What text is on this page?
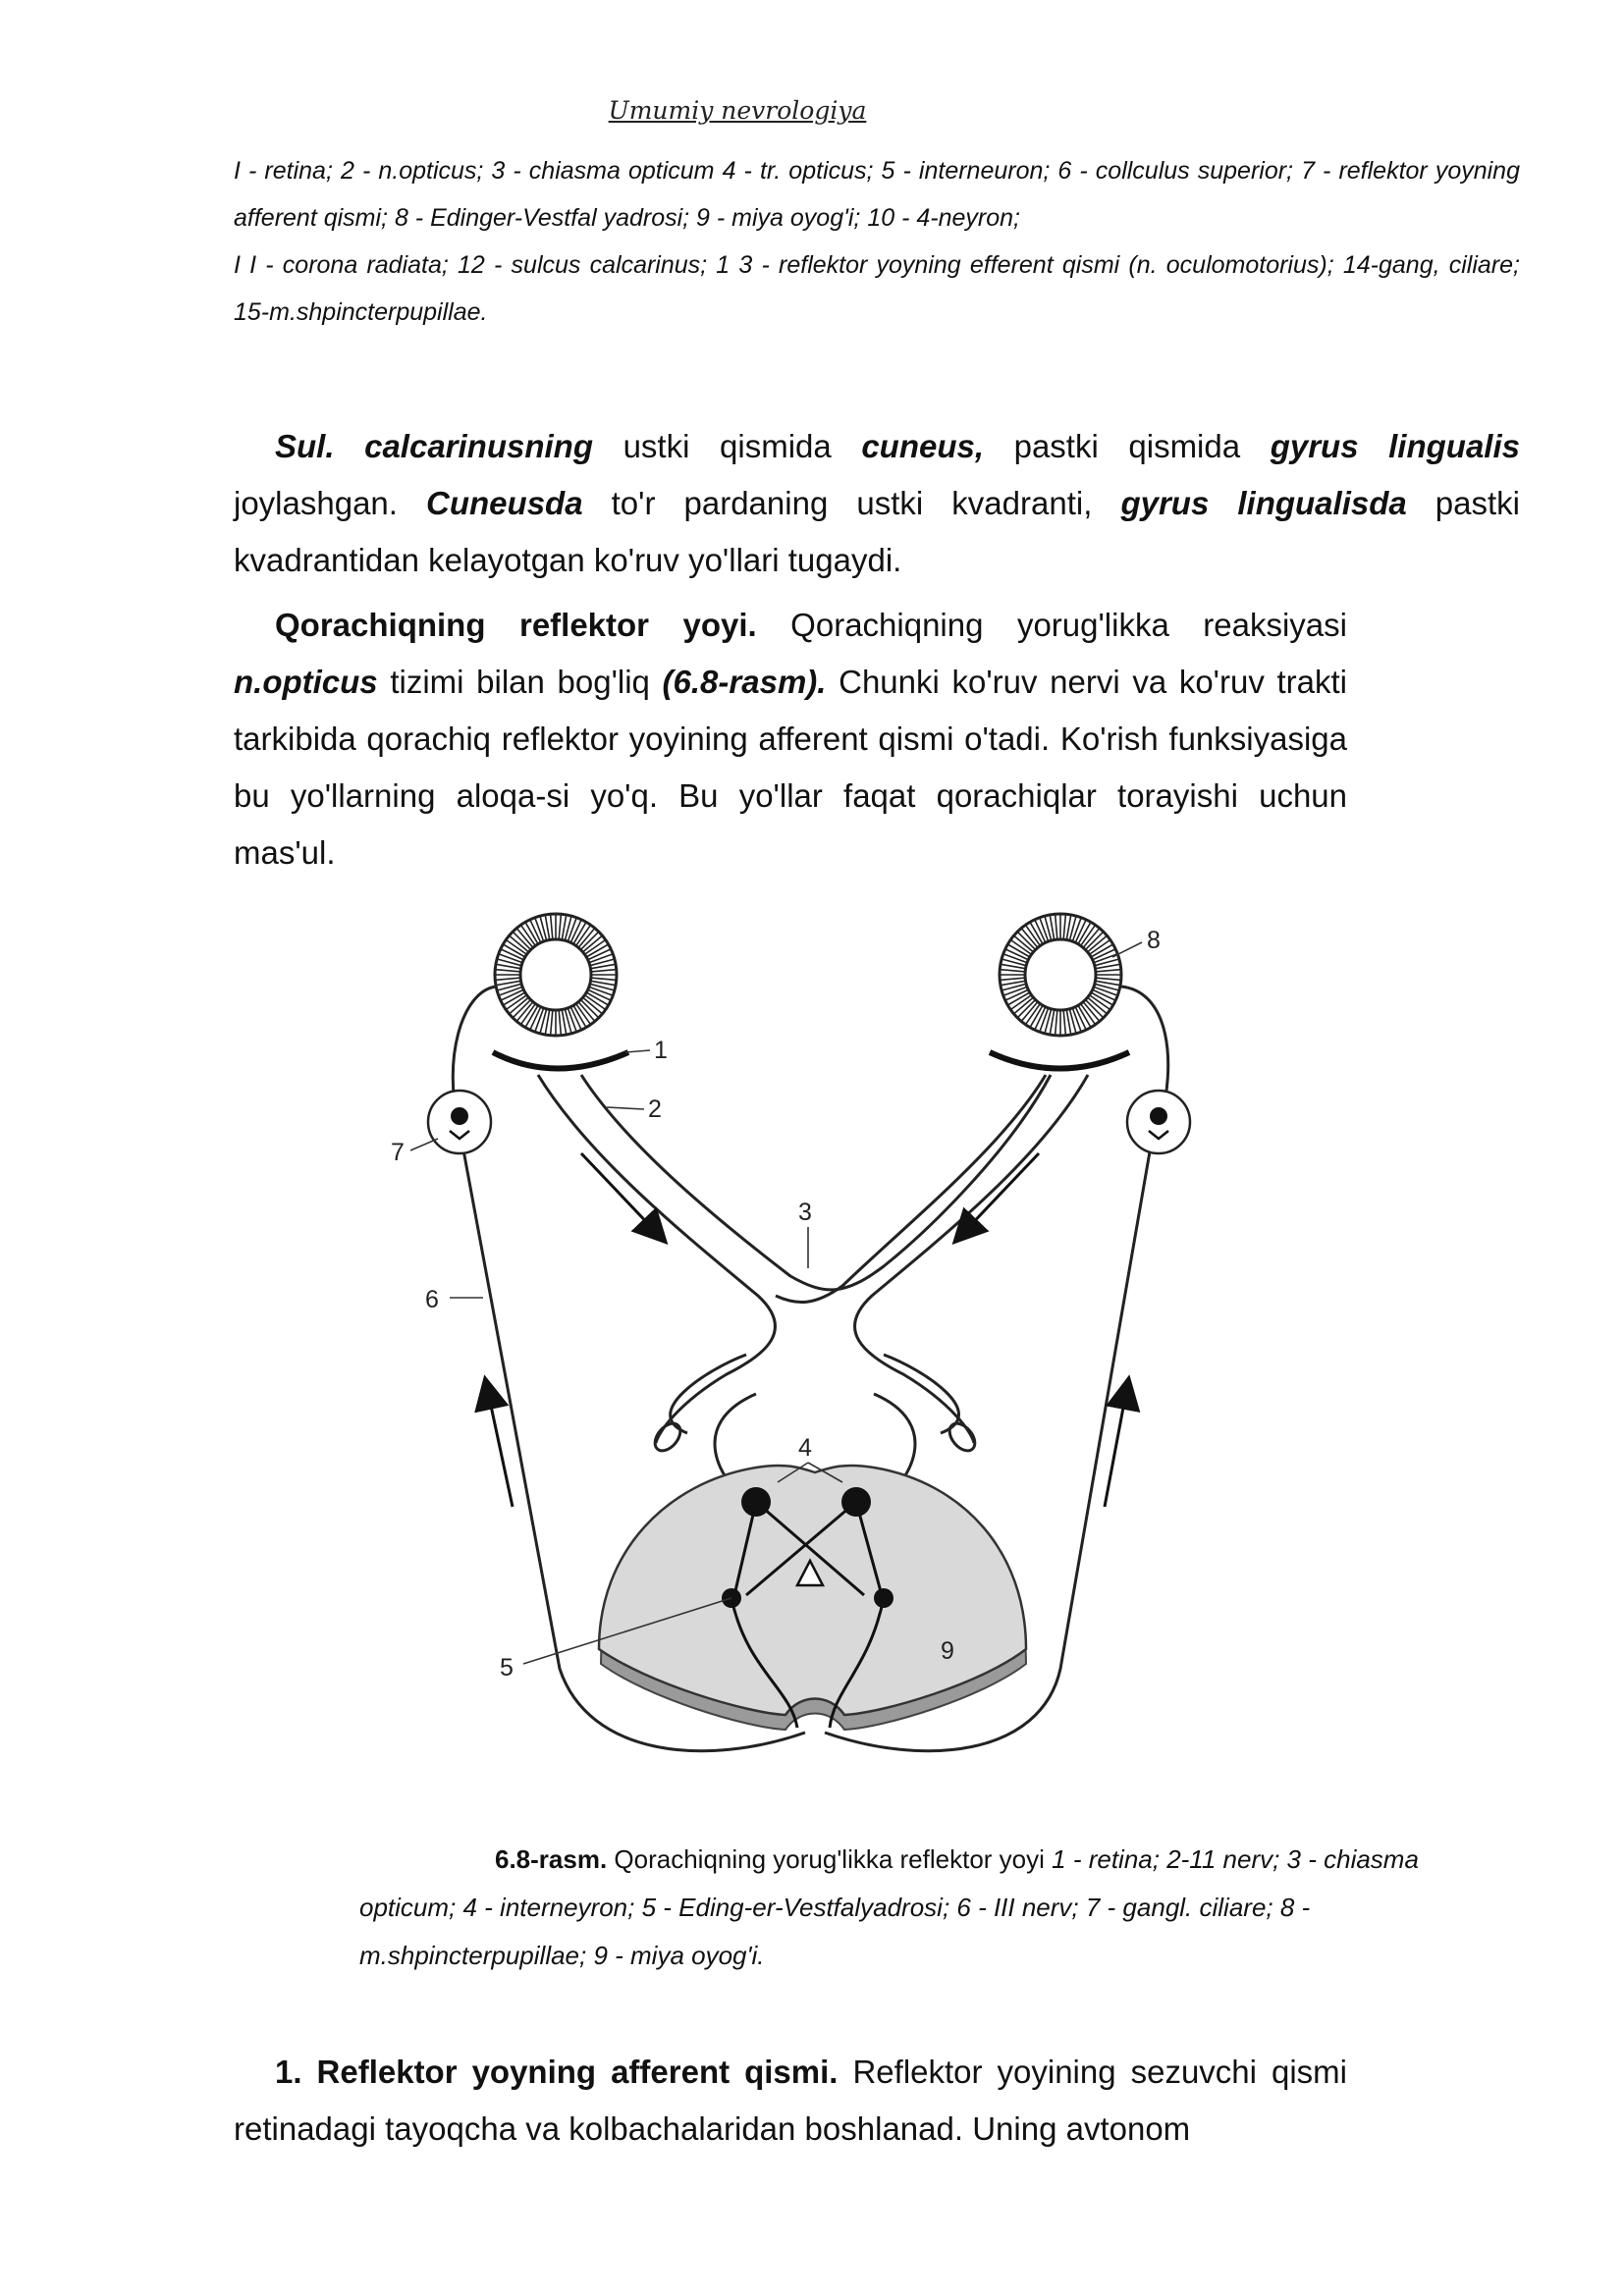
Umumiy nevrologiya

I - retina; 2 - n.opticus; 3 - chiasma opticum 4 - tr. opticus; 5 - interneuron; 6 - collculus superior; 7 - reflektor yoyning afferent qismi; 8 - Edinger-Vestfal yadrosi; 9 - miya oyog'i; 10 - 4-neyron;

I I - corona radiata; 12 - sulcus calcarinus; 1 3 - reflektor yoyning efferent qismi (n. oculomotorius); 14-gang, ciliare; 15-m.shpincterpupillae.

Sul. calcarinusning ustki qismida cuneus, pastki qismida gyrus lingualis joylashgan. Cuneusda to'r pardaning ustki kvadranti, gyrus lingualisda pastki kvadrantidan kelayotgan ko'ruv yo'llari tugaydi.

Qorachiqning reflektor yoyi. Qorachiqning yorug'likka reaksiyasi n.opticus tizimi bilan bog'liq (6.8-rasm). Chunki ko'ruv nervi va ko'ruv trakti tarkibida qorachiq reflektor yoyining afferent qismi o'tadi. Ko'rish funksiyasiga bu yo'llarning aloqa-si yo'q. Bu yo'llar faqat qorachiqlar torayishi uchun mas'ul.

1
2
3
4
5
6
7
8
9
6.8-rasm. Qorachiqning yorug'likka reflektor yoyi 1 - retina; 2-11 nerv; 3 - chiasma opticum; 4 - interneyron; 5 - Eding-er-Vestfalyadrosi; 6 - III nerv; 7 - gangl. ciliare; 8 - m.shpincterpupillae; 9 - miya oyog'i.

1. Reflektor yoyning afferent qismi. Reflektor yoyining sezuvchi qismi retinadagi tayoqcha va kolbachalaridan boshlanad. Uning avtonom
